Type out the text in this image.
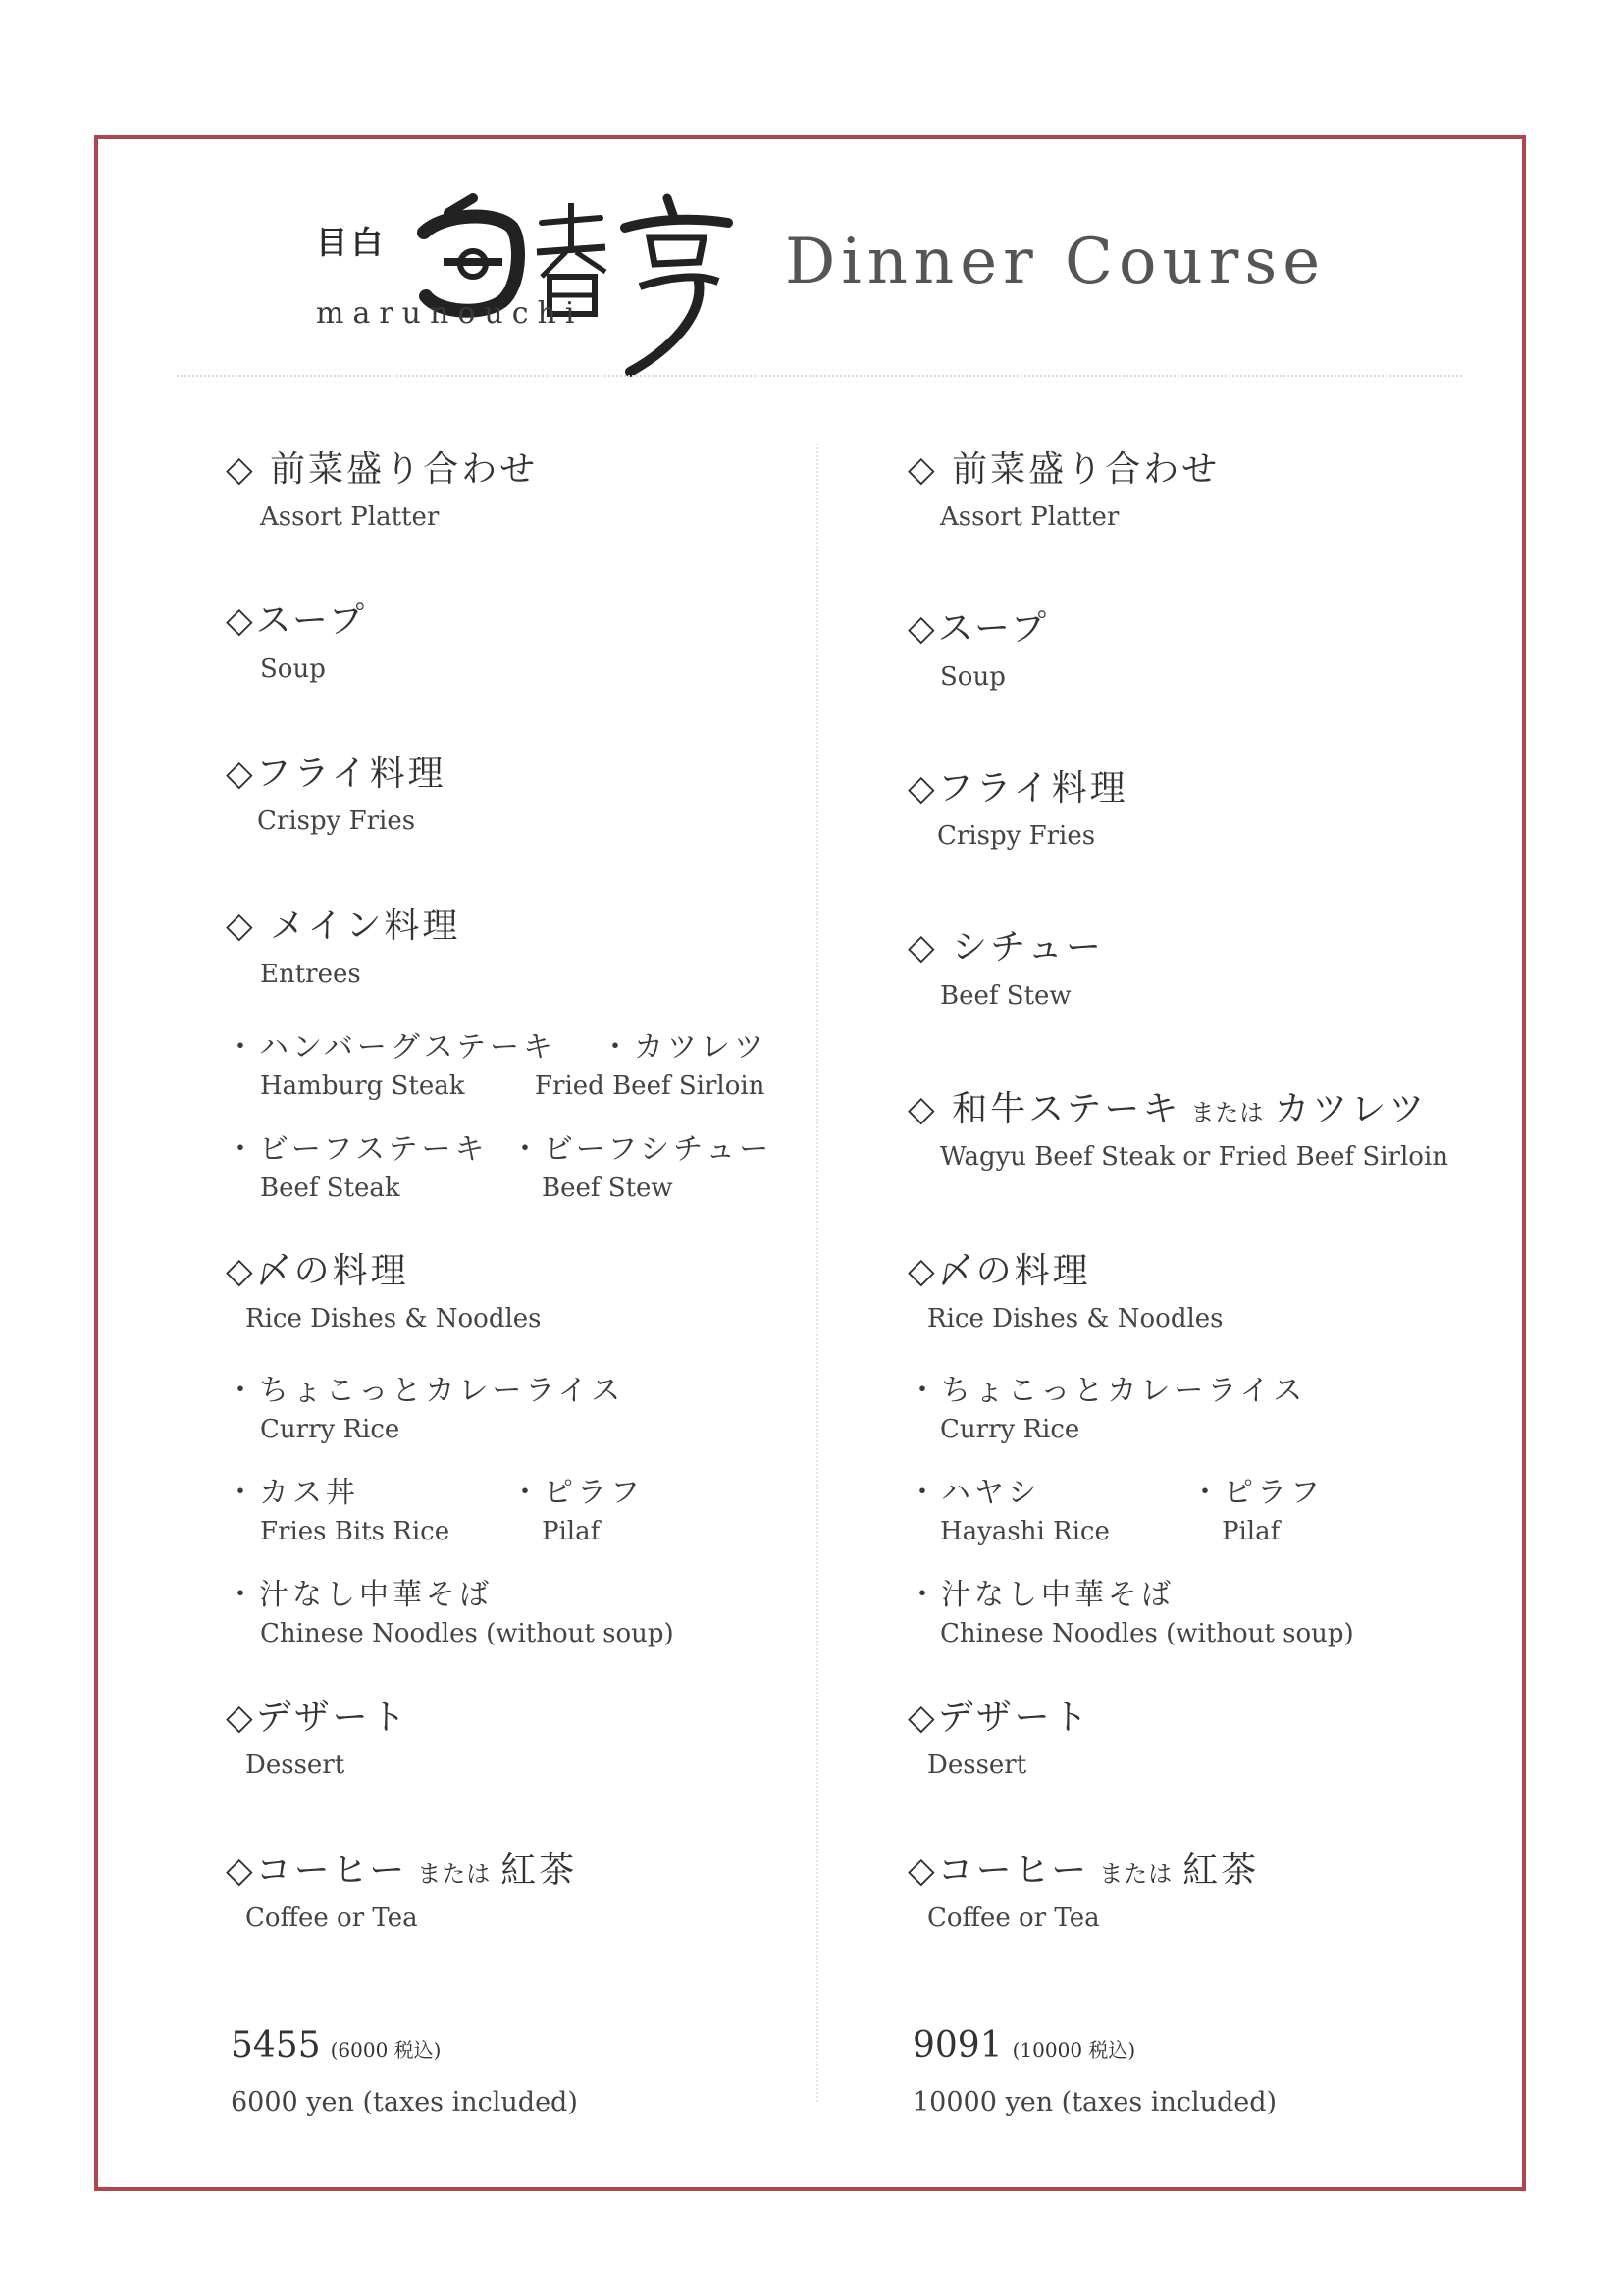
目白
marunouchi
Dinner Course
◇ 前菜盛り合わせ
Assort Platter
◇スープ
Soup
◇フライ料理
Crispy Fries
◇ メイン料理
Entrees
・ハンバーグステーキ
Hamburg Steak
・カツレツ
Fried Beef Sirloin
・ビーフステーキ
Beef Steak
・ビーフシチュー
Beef Stew
◇〆の料理
Rice Dishes & Noodles
・ちょこっとカレーライス
Curry Rice
・カス丼
Fries Bits Rice
・ピラフ
Pilaf
・汁なし中華そば
Chinese Noodles (without soup)
◇デザート
Dessert
◇コーヒー または 紅茶
Coffee or Tea
5455 (6000 税込)
6000 yen (taxes included)
◇ 前菜盛り合わせ
Assort Platter
◇スープ
Soup
◇フライ料理
Crispy Fries
◇ シチュー
Beef Stew
◇ 和牛ステーキ または カツレツ
Wagyu Beef Steak or Fried Beef Sirloin
◇〆の料理
Rice Dishes & Noodles
・ちょこっとカレーライス
Curry Rice
・ハヤシ
Hayashi Rice
・ピラフ
Pilaf
・汁なし中華そば
Chinese Noodles (without soup)
◇デザート
Dessert
◇コーヒー または 紅茶
Coffee or Tea
9091 (10000 税込)
10000 yen (taxes included)
